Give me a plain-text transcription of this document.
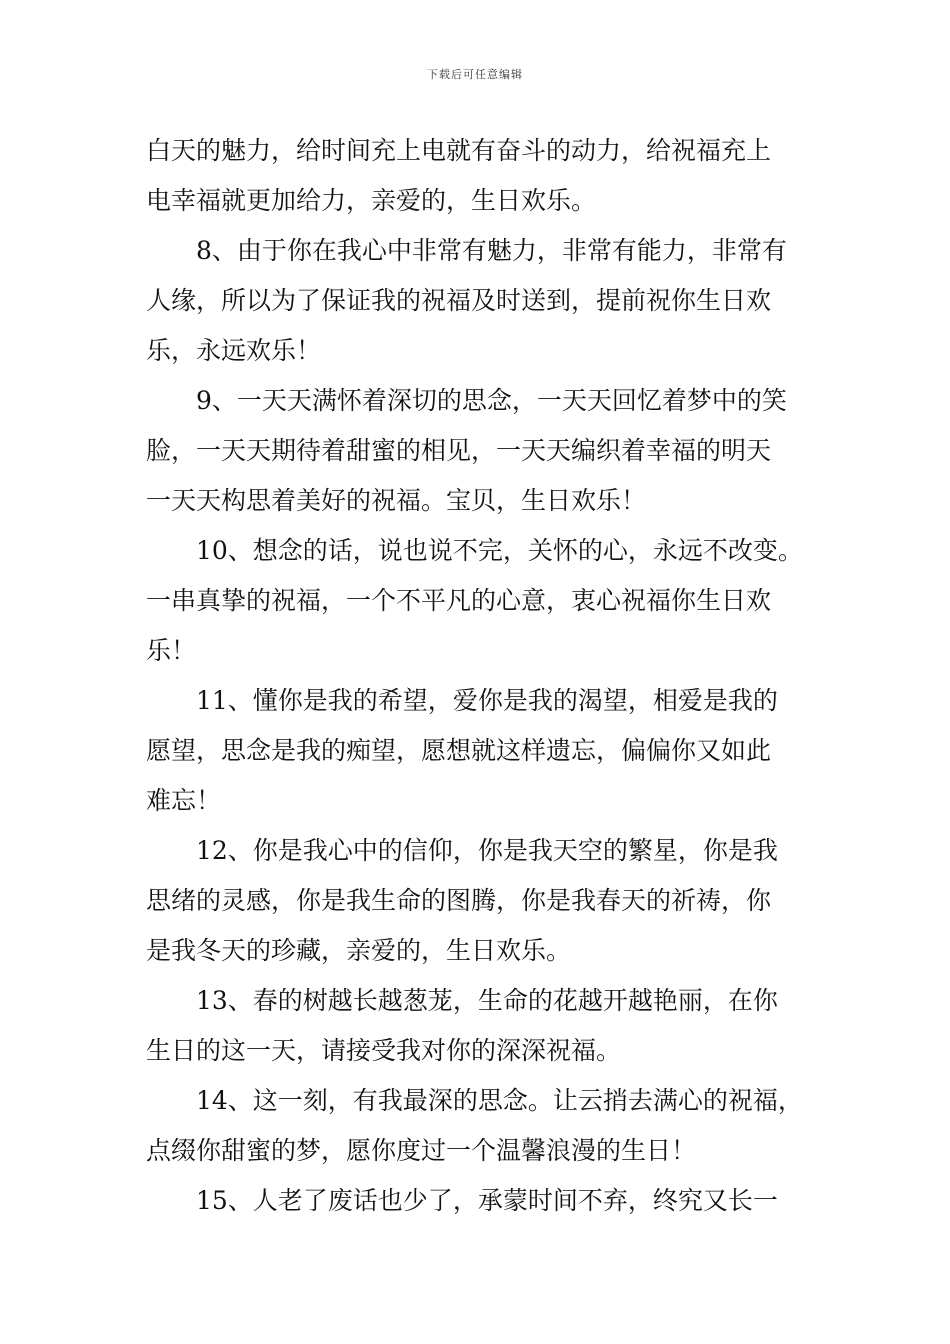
下载后可任意编辑
白天的魅力，给时间充上电就有奋斗的动力，给祝福充上
电幸福就更加给力，亲爱的，生日欢乐。
　　8、由于你在我心中非常有魅力，非常有能力，非常有
人缘，所以为了保证我的祝福及时送到，提前祝你生日欢
乐，永远欢乐！
　　9、一天天满怀着深切的思念，一天天回忆着梦中的笑
脸，一天天期待着甜蜜的相见，一天天编织着幸福的明天
一天天构思着美好的祝福。宝贝，生日欢乐！
　　10、想念的话，说也说不完，关怀的心，永远不改变。
一串真挚的祝福，一个不平凡的心意，衷心祝福你生日欢
乐！
　　11、懂你是我的希望，爱你是我的渴望，相爱是我的
愿望，思念是我的痴望，愿想就这样遗忘，偏偏你又如此
难忘！
　　12、你是我心中的信仰，你是我天空的繁星，你是我
思绪的灵感，你是我生命的图腾，你是我春天的祈祷，你
是我冬天的珍藏，亲爱的，生日欢乐。
　　13、春的树越长越葱茏，生命的花越开越艳丽，在你
生日的这一天，请接受我对你的深深祝福。
　　14、这一刻，有我最深的思念。让云捎去满心的祝福，
点缀你甜蜜的梦，愿你度过一个温馨浪漫的生日！
　　15、人老了废话也少了，承蒙时间不弃，终究又长一
